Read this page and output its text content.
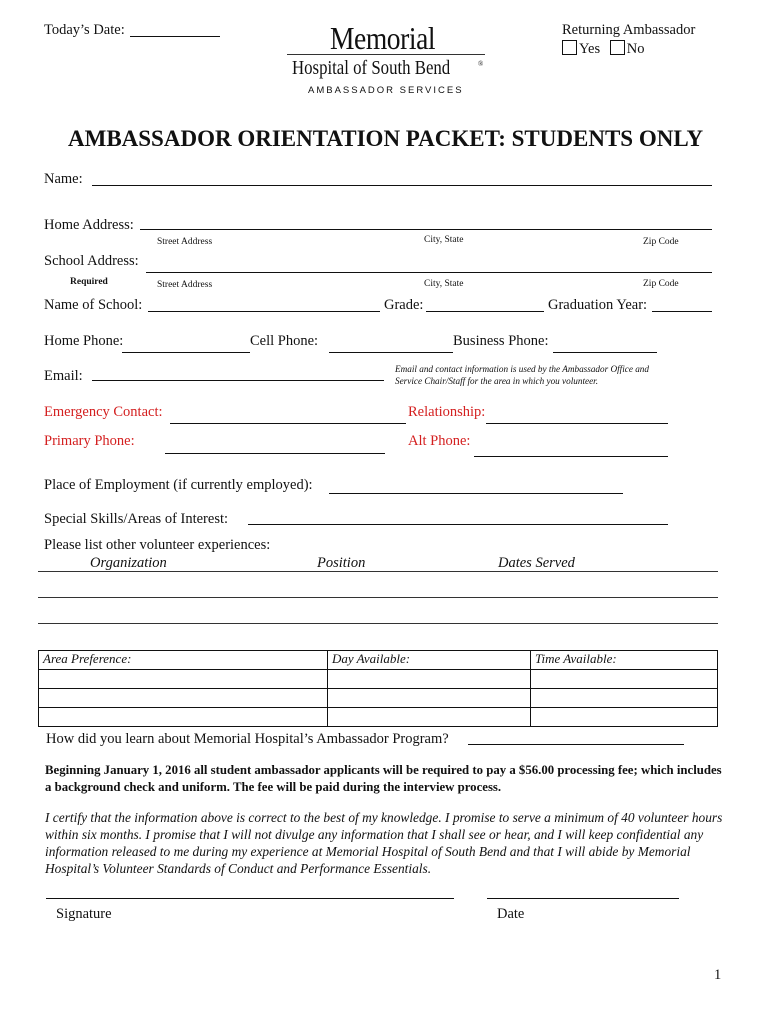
Today’s Date:	Memorial
Hospital of South Bend	®
AMBASSADOR SERVICES
Returning Ambassador
Yes No
AMBASSADOR ORIENTATION PACKET: STUDENTS ONLY
Name:
Home Address:
Street Address	City, State	Zip Code
School Address:
Required	Street Address	City, State	Zip Code
Name of School:	Grade:	Graduation Year:
Home Phone:	Cell Phone:	Business Phone:
Email:	Email and contact information is used by the Ambassador Office and
Service Chair/Staff for the area in which you volunteer.
Emergency Contact:	Relationship:
Primary Phone:	Alt Phone:
Place of Employment (if currently employed):
Special Skills/Areas of Interest:
Please list other volunteer experiences:
Organization	Position	Dates Served
Area Preference:	Day Available:	Time Available:

How did you learn about Memorial Hospital’s Ambassador Program?
Beginning January 1, 2016 all student ambassador applicants will be required to pay a $56.00 processing fee; which includes a background check and uniform. The fee will be paid during the interview process.
I certify that the information above is correct to the best of my knowledge. I promise to serve a minimum of 40 volunteer hours within six months. I promise that I will not divulge any information that I shall see or hear, and I will keep confidential any information released to me during my experience at Memorial Hospital of South Bend and that I will abide by Memorial Hospital’s Volunteer Standards of Conduct and Performance Essentials.
Signature	Date
1
